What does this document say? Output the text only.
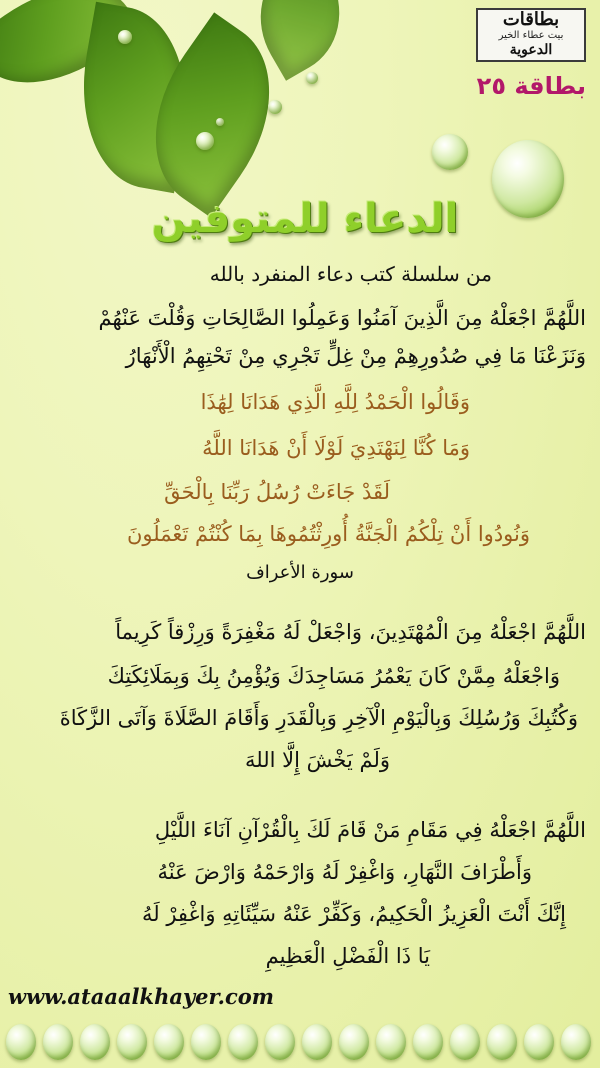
بطاقات
بيت عطاء الخير
الدعوية
بطاقة ٢٥
الدعاء للمتوفين
من سلسلة كتب دعاء المنفرد بالله
اللَّهُمَّ اجْعَلْهُ مِنَ الَّذِينَ آمَنُوا وَعَمِلُوا الصَّالِحَاتِ وَقُلْتَ عَنْهُمْ
وَنَزَعْنَا مَا فِي صُدُورِهِمْ مِنْ غِلٍّ تَجْرِي مِنْ تَحْتِهِمُ الْأَنْهَارُ
وَقَالُوا الْحَمْدُ لِلَّهِ الَّذِي هَدَانَا لِهَٰذَا
وَمَا كُنَّا لِنَهْتَدِيَ لَوْلَا أَنْ هَدَانَا اللَّهُ
لَقَدْ جَاءَتْ رُسُلُ رَبِّنَا بِالْحَقِّ
وَنُودُوا أَنْ تِلْكُمُ الْجَنَّةُ أُورِثْتُمُوهَا بِمَا كُنْتُمْ تَعْمَلُونَ
سورة الأعراف
اللَّهُمَّ اجْعَلْهُ مِنَ الْمُهْتَدِينَ، وَاجْعَلْ لَهُ مَغْفِرَةً وَرِزْقاً كَرِيماً
وَاجْعَلْهُ مِمَّنْ كَانَ يَعْمُرُ مَسَاجِدَكَ وَيُؤْمِنُ بِكَ وَبِمَلَائِكَتِكَ
وَكُتُبِكَ وَرُسُلِكَ وَبِالْيَوْمِ الْآخِرِ وَبِالْقَدَرِ وَأَقَامَ الصَّلَاةَ وَآتَى الزَّكَاةَ
وَلَمْ يَخْشَ إِلَّا اللهَ
اللَّهُمَّ اجْعَلْهُ فِي مَقَامِ مَنْ قَامَ لَكَ بِالْقُرْآنِ آنَاءَ اللَّيْلِ
وَأَطْرَافَ النَّهَارِ، وَاغْفِرْ لَهُ وَارْحَمْهُ وَارْضَ عَنْهُ
إِنَّكَ أَنْتَ الْعَزِيزُ الْحَكِيمُ، وَكَفِّرْ عَنْهُ سَيِّئَاتِهِ وَاغْفِرْ لَهُ
يَا ذَا الْفَضْلِ الْعَظِيمِ
www.ataaalkhayer.com
